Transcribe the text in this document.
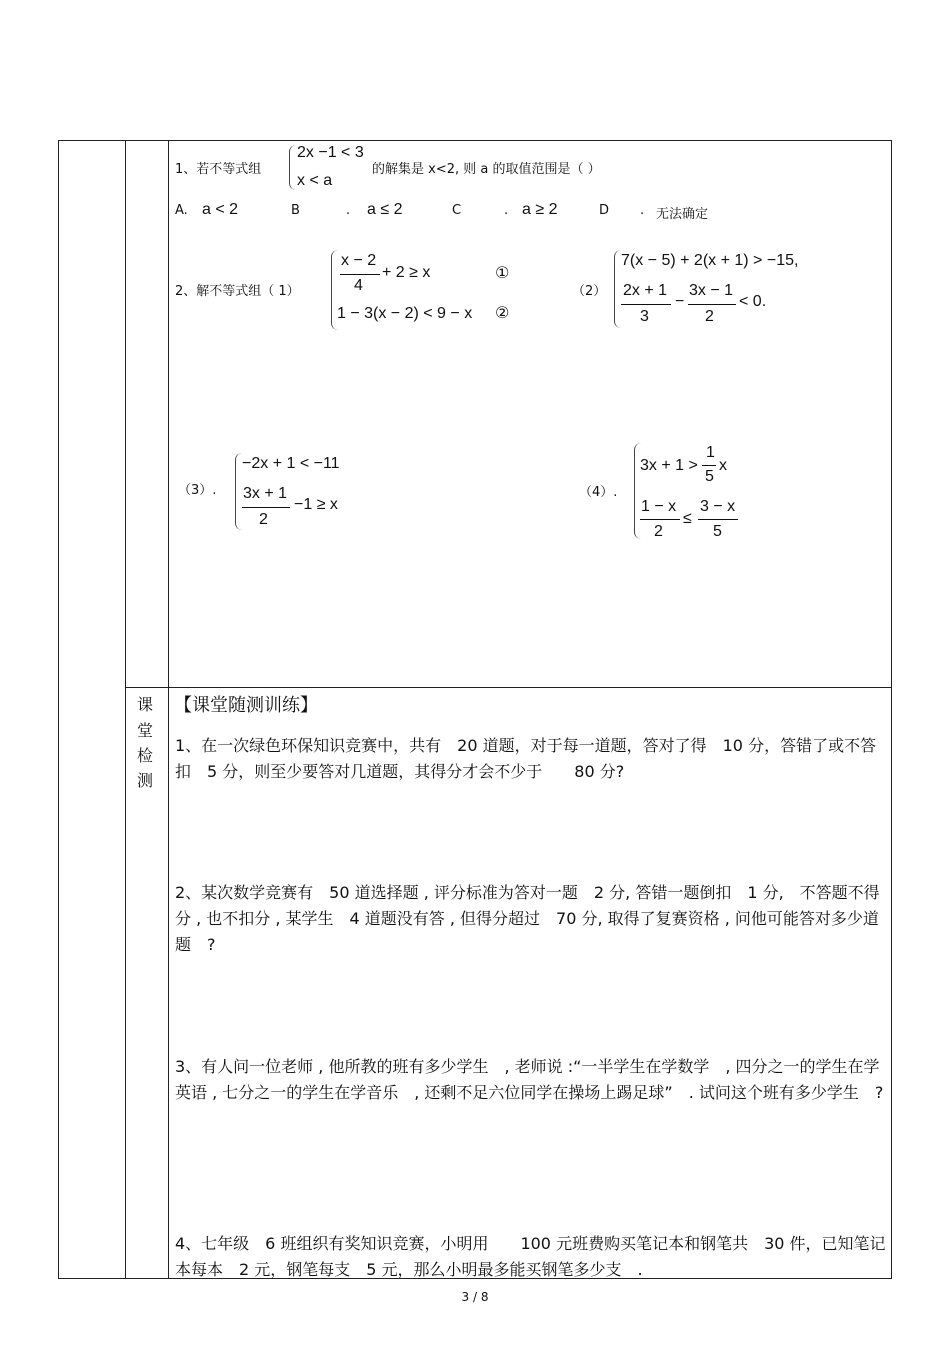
1、若不等式组
2x −1 < 3
x < a
的解集是 x<2, 则 a 的取值范围是（ ）
A. a < 2	B	. a ≤ 2	C	. a ≥ 2	D . 无法确定
2、解不等式组（ 1）
x − 2
4
+ 2 ≥ x	①
1 − 3(x − 2) < 9 − x ②
（2）
7(x − 5) + 2(x + 1) > −15,
2x + 1
3
−
3x − 1
2
< 0.
（3）.
−2x + 1 < −11
3x + 1
2
−1 ≥ x
（4）.
3x + 1 >
1
5
x
1 − x
2
≤
3 − x
5
课
堂
检
测
【课堂随测训练】
1、在一次绿色环保知识竞赛中，共有　20 道题，对于每一道题，答对了得　10 分，答错了或不答扣　5 分，则至少要答对几道题，其得分才会不少于　　80 分?
2、某次数学竞赛有　50 道选择题 , 评分标准为答对一题　2 分, 答错一题倒扣　1 分,　不答题不得分 , 也不扣分 , 某学生　4 道题没有答 , 但得分超过　70 分, 取得了复赛资格 , 问他可能答对多少道题　?
3、有人问一位老师 , 他所教的班有多少学生　, 老师说 :“一半学生在学数学　, 四分之一的学生在学英语 , 七分之一的学生在学音乐　, 还剩不足六位同学在操场上踢足球”　. 试问这个班有多少学生　?
4、七年级　6 班组织有奖知识竞赛，小明用　　100 元班费购买笔记本和钢笔共　30 件，已知笔记本每本　2 元，钢笔每支　5 元，那么小明最多能买钢笔多少支　.
3 / 8
